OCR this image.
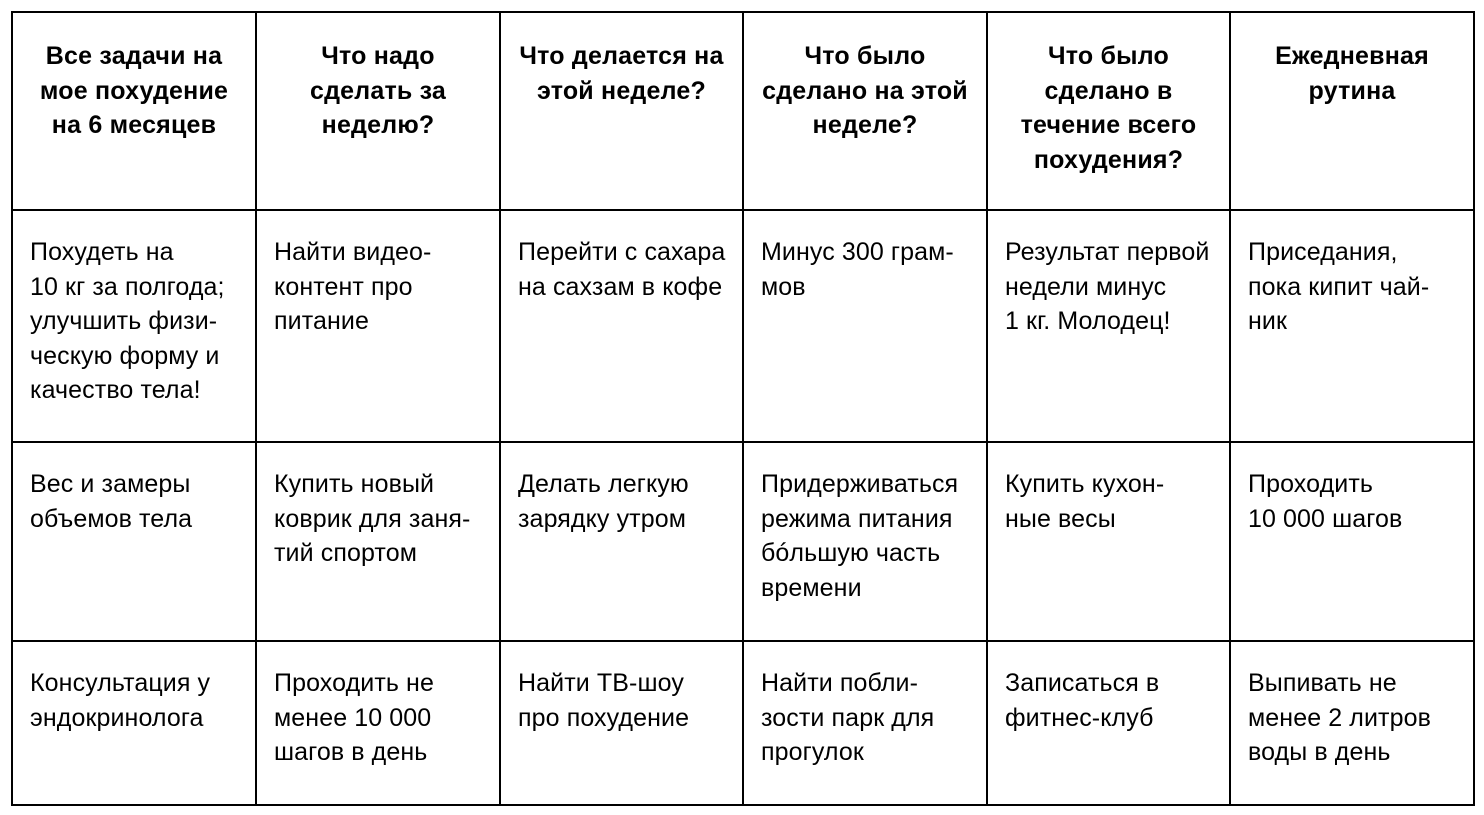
Все задачи на мое похудение на 6 месяцев	Что надо сделать за неделю?	Что делается на этой неделе?	Что было сделано на этой неделе?	Что было сделано в течение всего похудения?	Ежедневная рутина
Похудеть на
10 кг за полгода; улучшить физи-
ческую форму и качество тела!	Найти видео-
контент про питание	Перейти с сахара на сахзам в кофе	Минус 300 грам-
мов	Результат первой недели минус
1 кг. Молодец!	Приседания, пока кипит чай-
ник
Вес и замеры объемов тела	Купить новый коврик для заня-
тий спортом	Делать легкую зарядку утром	Придерживаться режима питания бóльшую часть времени	Купить кухон-
ные весы	Проходить
10 000 шагов
Консультация у эндокринолога	Проходить не менее 10 000 шагов в день	Найти ТВ-шоу про похудение	Найти побли-
зости парк для прогулок	Записаться в фитнес-клуб	Выпивать не менее 2 литров воды в день
